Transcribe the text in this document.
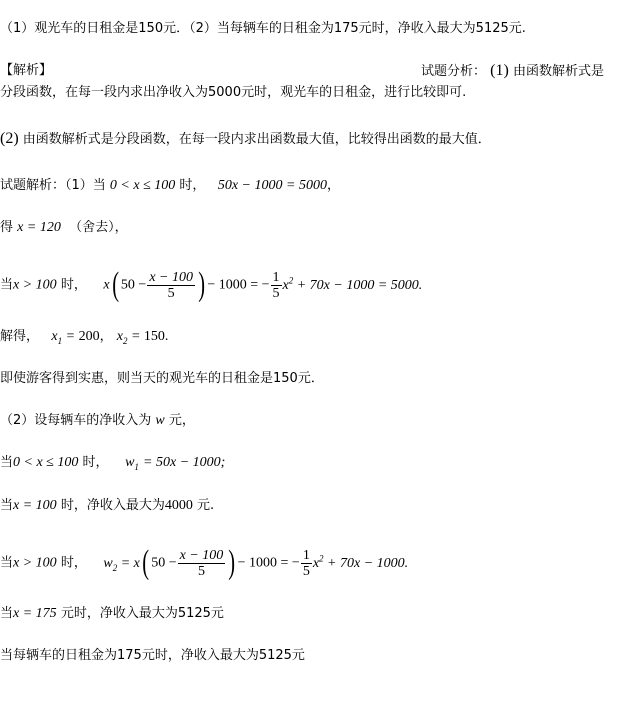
（1）观光车的日租金是150元．（2）当每辆车的日租金为175元时，净收入最大为5125元.
【解析】	试题分析： (1) 由函数解析式是
分段函数，在每一段内求出净收入为5000元时，观光车的日租金，进行比较即可.
(2) 由函数解析式是分段函数，在每一段内求出函数最大值，比较得出函数的最大值．
试题解析：（1）当 0 < x ≤ 100 时， 50x − 1000 = 5000，
得 x = 120 （舍去），
当x > 100 时， x( $50 - \frac{x - 100}{5}$ ) − 1000 = − $\frac{1}{5} x^2 + 70x - 1000 = 5000$.
解得， $x_1 = 200$， $x_2 = 150$.
即使游客得到实惠，则当天的观光车的日租金是150元．
（2）设每辆车的净收入为 w 元，
当0 < x ≤ 100 时， $w_1 = 50x - 1000$;
当x = 100 时，净收入最大为4000 元.
当x > 100 时， $w_2 = x$( $50 - \frac{x - 100}{5}$ ) − 1000 = − $\frac{1}{5} x^2 + 70x - 1000$.
当x = 175 元时，净收入最大为5125元
当每辆车的日租金为175元时，净收入最大为5125元
